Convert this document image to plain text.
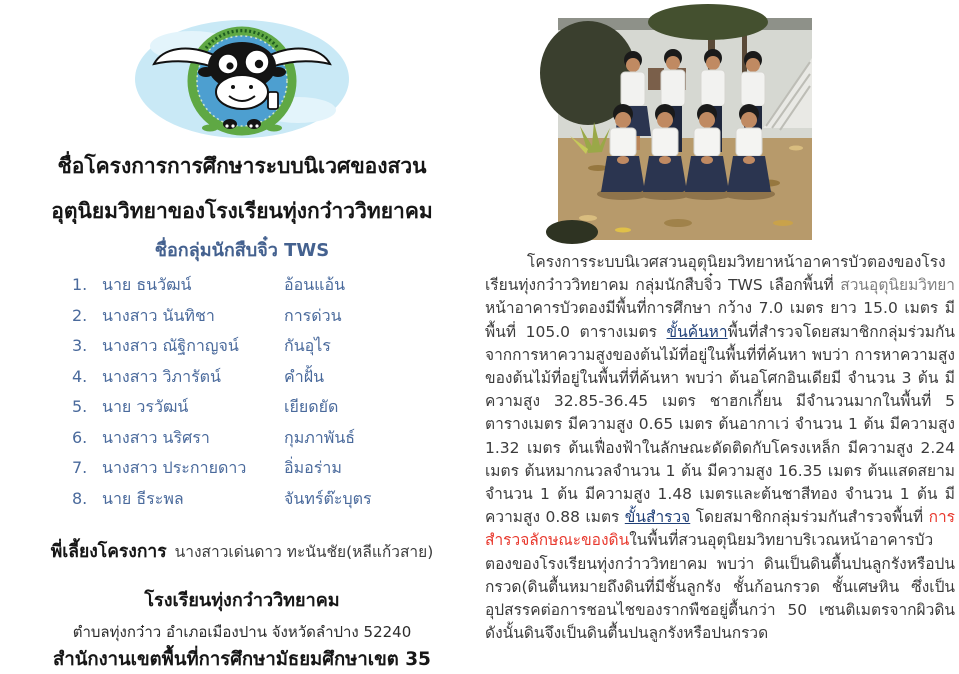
ชื่อโครงการการศึกษาระบบนิเวศของสวน
อุตุนิยมวิทยาของโรงเรียนทุ่งกว๋าววิทยาคม
ชื่อกลุ่มนักสืบจิ๋ว TWS
1. นาย ธนวัฒน์	อ้อนแอ้น
2. นางสาว นันทิชา	การด่วน
3. นางสาว ณัฐิกาญจน์	กันอุไร
4. นางสาว วิภารัตน์	คำฝั้น
5. นาย วรวัฒน์	เยียดยัด
6. นางสาว นริศรา	กุมภาพันธ์
7. นางสาว ประกายดาว	อิ่มอร่าม
8. นาย ธีระพล	จันทร์ต๊ะบุตร
พี่เลี้ยงโครงการ นางสาวเด่นดาว ทะนันชัย(หลีแก้วสาย)
โรงเรียนทุ่งกว๋าววิทยาคม
ตำบลทุ่งกว๋าว อำเภอเมืองปาน จังหวัดลำปาง 52240
สำนักงานเขตพื้นที่การศึกษามัธยมศึกษาเขต 35

โครงการระบบนิเวศสวนอุตุนิยมวิทยาหน้าอาคารบัวตองของโรงเรียนทุ่งกว๋าววิทยาคม กลุ่มนักสืบจิ๋ว TWS เลือกพื้นที่ สวนอุตุนิยมวิทยาหน้าอาคารบัวตองมีพื้นที่การศึกษา กว้าง 7.0 เมตร ยาว 15.0 เมตร มีพื้นที่ 105.0 ตารางเมตร ขั้นค้นหาพื้นที่สำรวจโดยสมาชิกกลุ่มร่วมกัน จากการหาความสูงของต้นไม้ที่อยู่ในพื้นที่ที่ค้นหา พบว่า การหาความสูงของต้นไม้ที่อยู่ในพื้นที่ที่ค้นหา พบว่า ต้นอโศกอินเดียมี จำนวน 3 ต้น มีความสูง 32.85-36.45 เมตร ชาฮกเกี้ยน มีจำนวนมากในพื้นที่ 5 ตารางเมตร มีความสูง 0.65 เมตร ต้นอากาเว่ จำนวน 1 ต้น มีความสูง 1.32 เมตร ต้นเฟื่องฟ้าในลักษณะดัดติดกับโครงเหล็ก มีความสูง 2.24 เมตร ต้นหมากนวลจำนวน 1 ต้น มีความสูง 16.35 เมตร ต้นแสดสยาม จำนวน 1 ต้น มีความสูง 1.48 เมตรและต้นชาสีทอง จำนวน 1 ต้น มีความสูง 0.88 เมตร ขั้นสำรวจ โดยสมาชิกกลุ่มร่วมกันสำรวจพื้นที่ การสำรวจลักษณะของดินในพื้นที่สวนอุตุนิยมวิทยาบริเวณหน้าอาคารบัวตองของโรงเรียนทุ่งกว๋าววิทยาคม พบว่า ดินเป็นดินตื้นปนลูกรังหรือปนกรวด(ดินตื้นหมายถึงดินที่มีชั้นลูกรัง ชั้นก้อนกรวด ชั้นเศษหิน ซึ่งเป็นอุปสรรคต่อการชอนไชของรากพืชอยู่ตื้นกว่า 50 เซนติเมตรจากผิวดิน ดังนั้นดินจึงเป็นดินตื้นปนลูกรังหรือปนกรวด
